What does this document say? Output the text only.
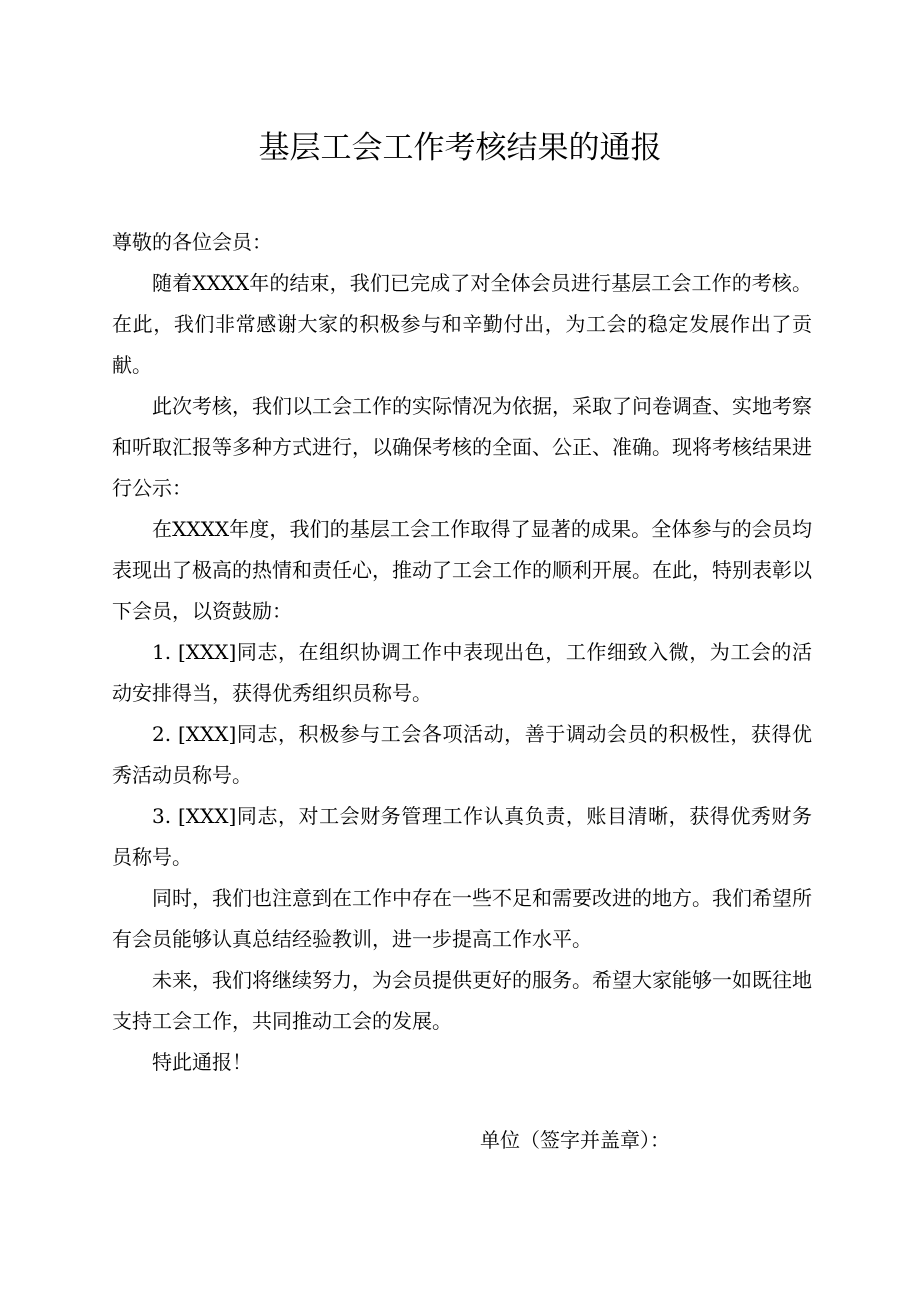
基层工会工作考核结果的通报

尊敬的各位会员：

随着XXXX年的结束，我们已完成了对全体会员进行基层工会工作的考核。在此，我们非常感谢大家的积极参与和辛勤付出，为工会的稳定发展作出了贡献。

此次考核，我们以工会工作的实际情况为依据，采取了问卷调查、实地考察和听取汇报等多种方式进行，以确保考核的全面、公正、准确。现将考核结果进行公示：

在XXXX年度，我们的基层工会工作取得了显著的成果。全体参与的会员均表现出了极高的热情和责任心，推动了工会工作的顺利开展。在此，特别表彰以下会员，以资鼓励：

1. [XXX]同志，在组织协调工作中表现出色，工作细致入微，为工会的活动安排得当，获得优秀组织员称号。

2. [XXX]同志，积极参与工会各项活动，善于调动会员的积极性，获得优秀活动员称号。

3. [XXX]同志，对工会财务管理工作认真负责，账目清晰，获得优秀财务员称号。

同时，我们也注意到在工作中存在一些不足和需要改进的地方。我们希望所有会员能够认真总结经验教训，进一步提高工作水平。

未来，我们将继续努力，为会员提供更好的服务。希望大家能够一如既往地支持工会工作，共同推动工会的发展。

特此通报！

单位（签字并盖章）：
